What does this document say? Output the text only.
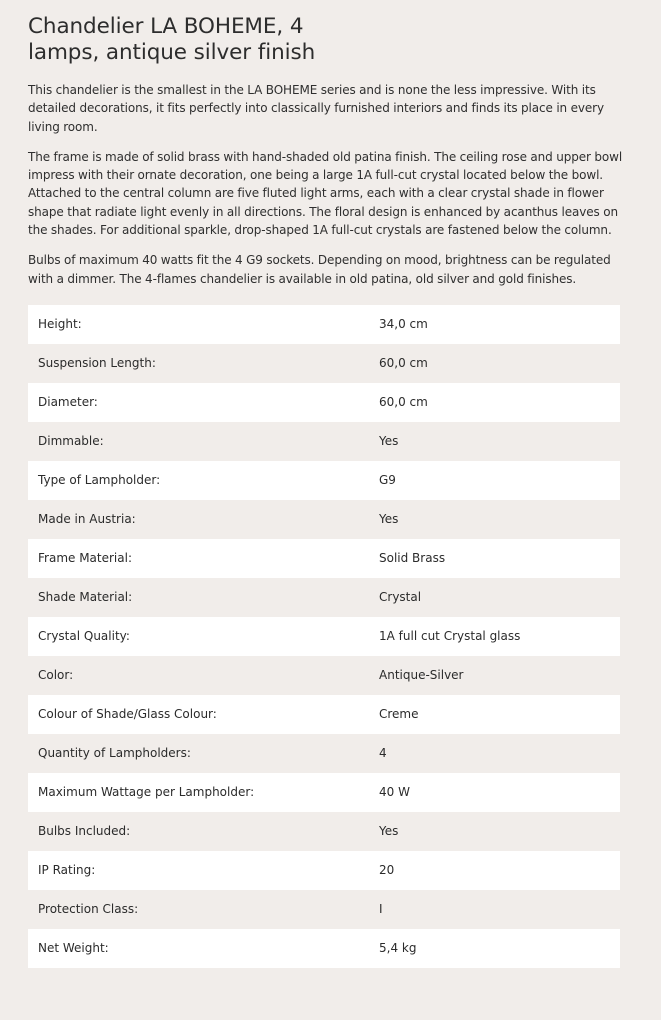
Chandelier LA BOHEME, 4 lamps, antique silver finish

This chandelier is the smallest in the LA BOHEME series and is none the less impressive. With its detailed decorations, it fits perfectly into classically furnished interiors and finds its place in every living room.

The frame is made of solid brass with hand-shaded old patina finish. The ceiling rose and upper bowl impress with their ornate decoration, one being a large 1A full-cut crystal located below the bowl. Attached to the central column are five fluted light arms, each with a clear crystal shade in flower shape that radiate light evenly in all directions. The floral design is enhanced by acanthus leaves on the shades. For additional sparkle, drop-shaped 1A full-cut crystals are fastened below the column.

Bulbs of maximum 40 watts fit the 4 G9 sockets. Depending on mood, brightness can be regulated with a dimmer. The 4-flames chandelier is available in old patina, old silver and gold finishes.

Height:	34,0 cm
Suspension Length:	60,0 cm
Diameter:	60,0 cm
Dimmable:	Yes
Type of Lampholder:	G9
Made in Austria:	Yes
Frame Material:	Solid Brass
Shade Material:	Crystal
Crystal Quality:	1A full cut Crystal glass
Color:	Antique-Silver
Colour of Shade/Glass Colour:	Creme
Quantity of Lampholders:	4
Maximum Wattage per Lampholder:	40 W
Bulbs Included:	Yes
IP Rating:	20
Protection Class:	I
Net Weight:	5,4 kg
